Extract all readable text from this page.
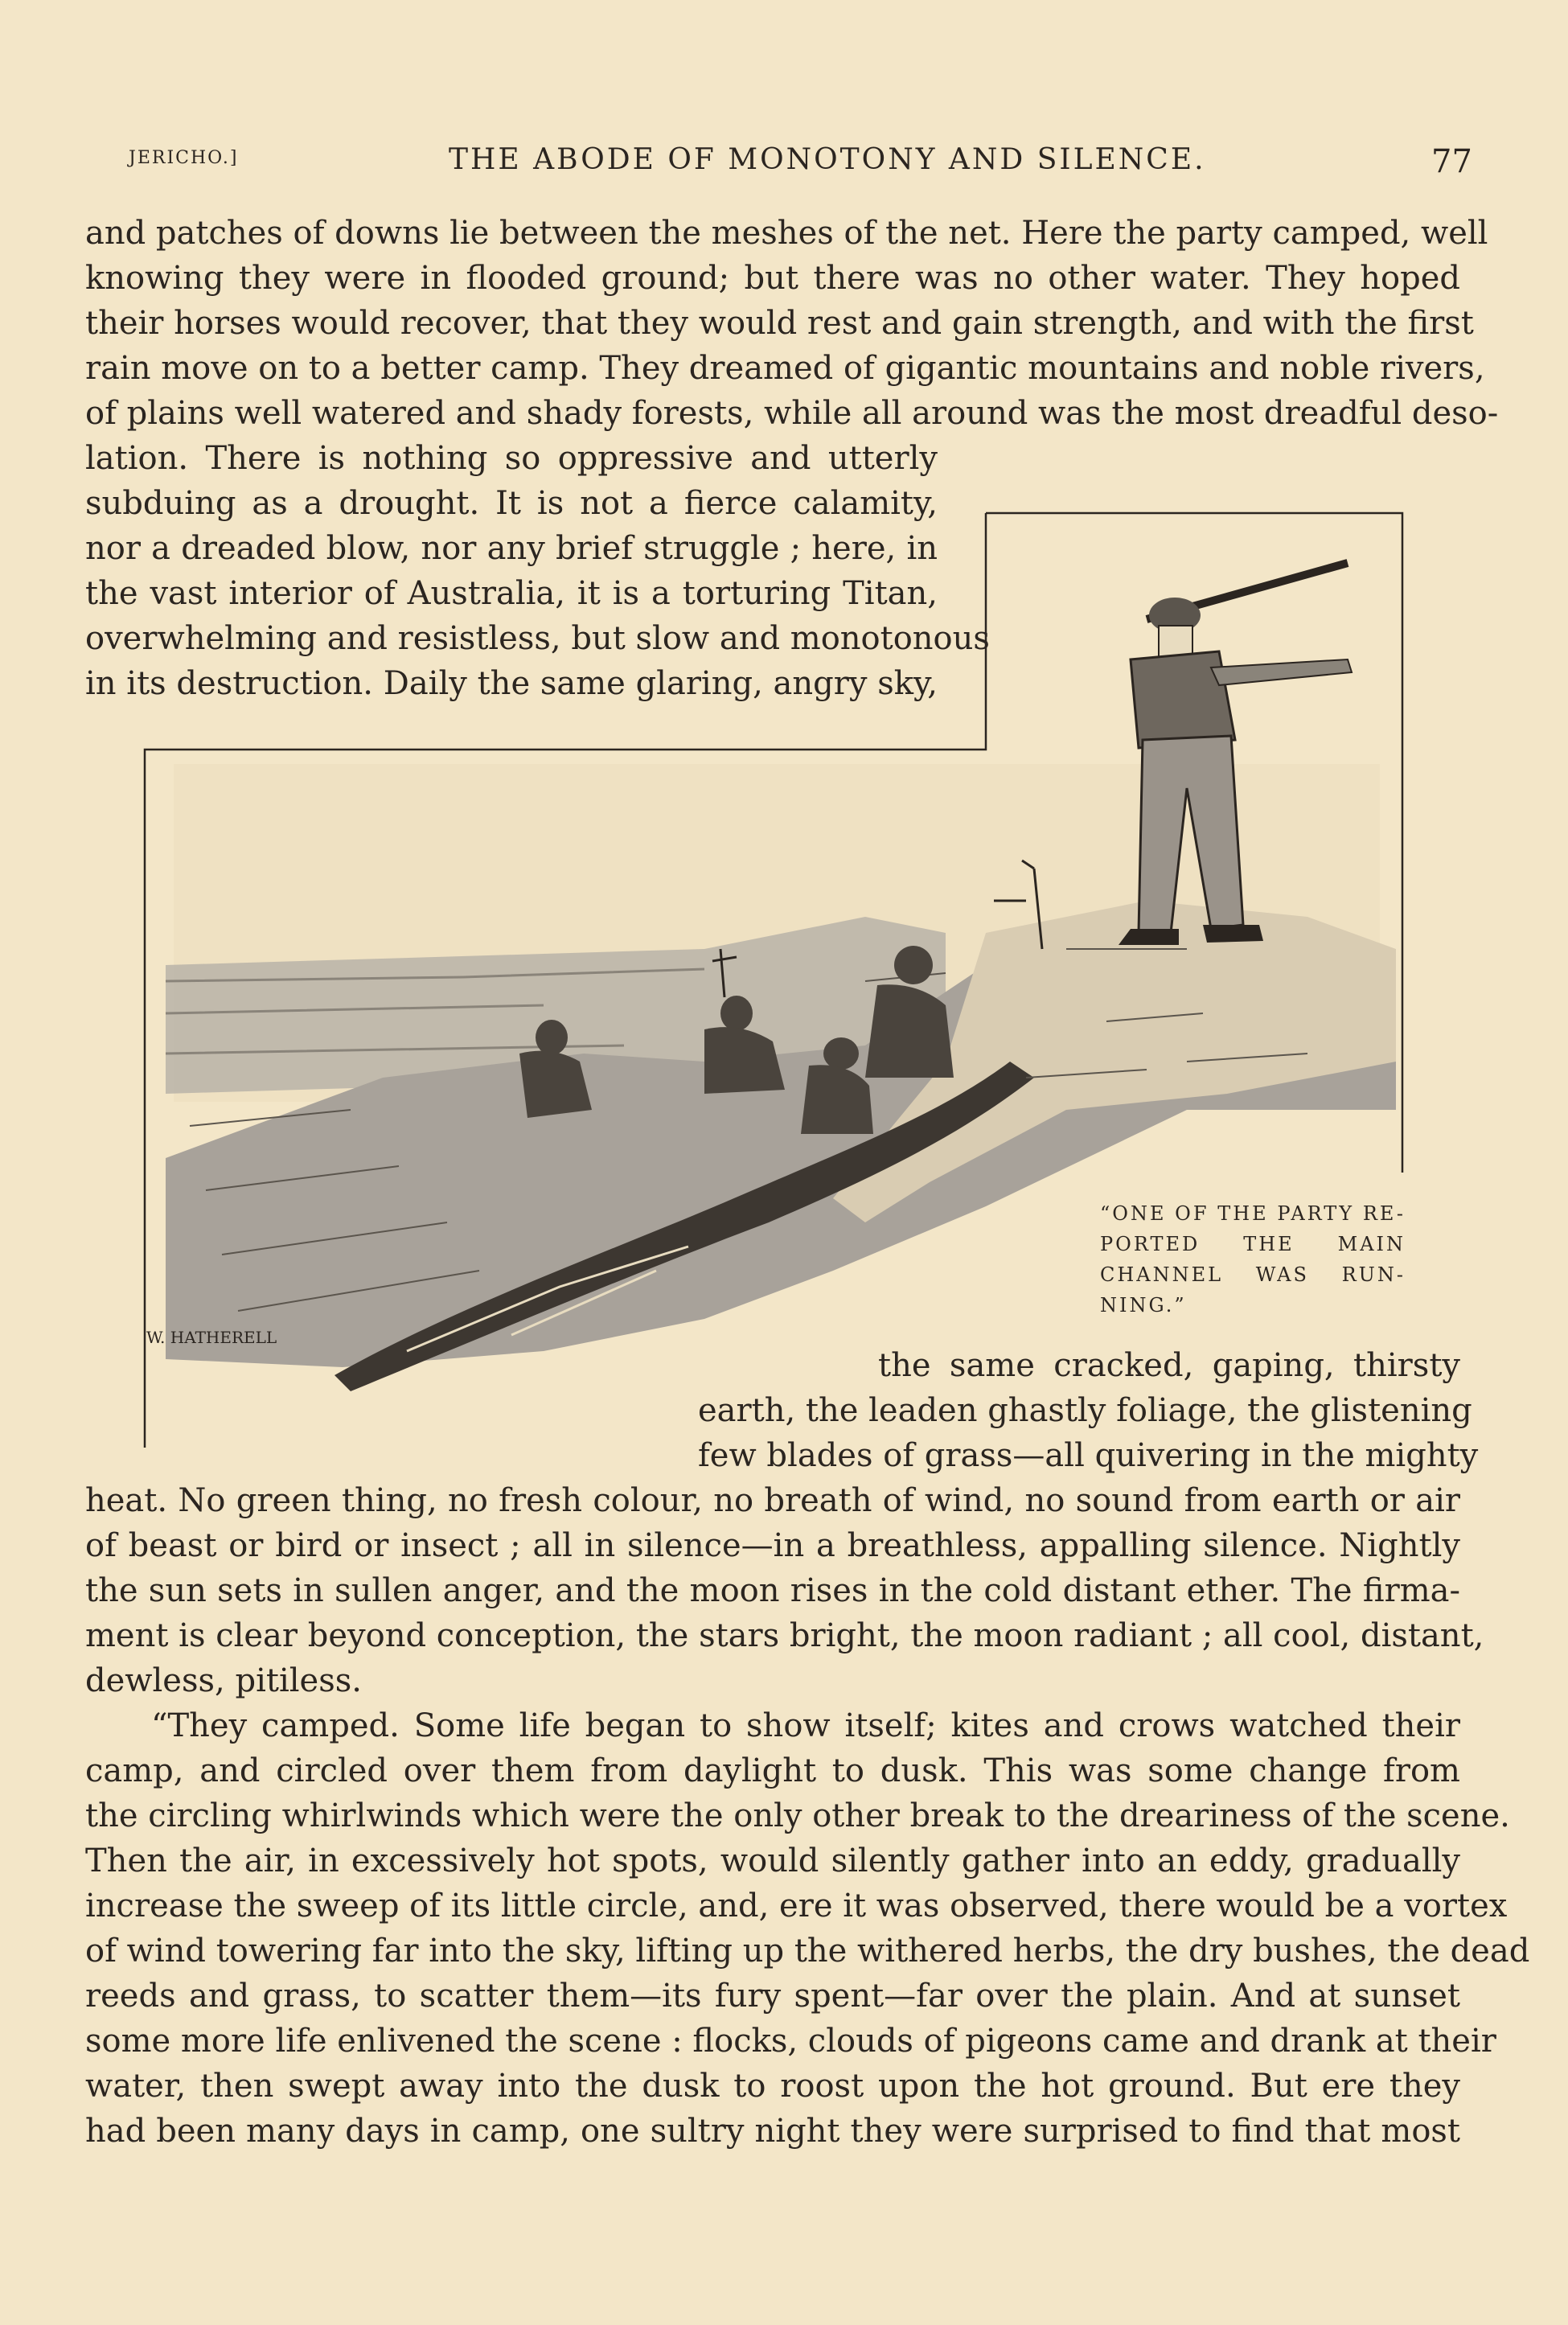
JERICHO.]	THE ABODE OF MONOTONY AND SILENCE.	77

and patches of downs lie between the meshes of the net. Here the party camped, well

knowing they were in flooded ground; but there was no other water. They hoped

their horses would recover, that they would rest and gain strength, and with the first

rain move on to a better camp. They dreamed of gigantic mountains and noble rivers,

of plains well watered and shady forests, while all around was the most dreadful deso-

lation. There is nothing so oppressive and utterly

subduing as a drought. It is not a fierce calamity,

nor a dreaded blow, nor any brief struggle ; here, in

the vast interior of Australia, it is a torturing Titan,

overwhelming and resistless, but slow and monotonous

in its destruction. Daily the same glaring, angry sky,

W. HATHERELL

“ONE OF THE PARTY RE-
PORTED THE MAIN
CHANNEL WAS RUN-
NING.”

the same cracked, gaping, thirsty

earth, the leaden ghastly foliage, the glistening

few blades of grass—all quivering in the mighty

heat. No green thing, no fresh colour, no breath of wind, no sound from earth or air

of beast or bird or insect ; all in silence—in a breathless, appalling silence. Nightly

the sun sets in sullen anger, and the moon rises in the cold distant ether. The firma-

ment is clear beyond conception, the stars bright, the moon radiant ; all cool, distant,

dewless, pitiless.

“They camped. Some life began to show itself; kites and crows watched their

camp, and circled over them from daylight to dusk. This was some change from

the circling whirlwinds which were the only other break to the dreariness of the scene.

Then the air, in excessively hot spots, would silently gather into an eddy, gradually

increase the sweep of its little circle, and, ere it was observed, there would be a vortex

of wind towering far into the sky, lifting up the withered herbs, the dry bushes, the dead

reeds and grass, to scatter them—its fury spent—far over the plain. And at sunset

some more life enlivened the scene : flocks, clouds of pigeons came and drank at their

water, then swept away into the dusk to roost upon the hot ground. But ere they

had been many days in camp, one sultry night they were surprised to find that most
